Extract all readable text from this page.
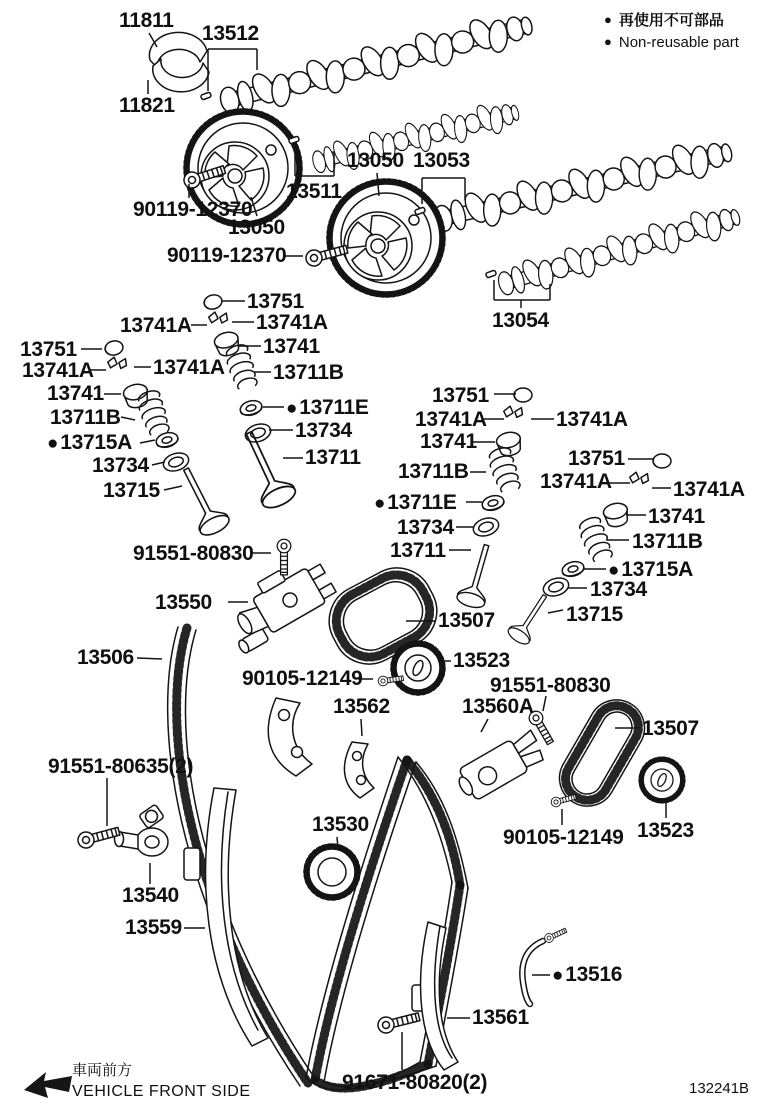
11811
13512
11821
90119-12370
13511
13050 13053
13050
90119-12370
13054
13751
13741A	13741A
13751	13741
13741A	13741A
13741
13711B
●13715A
13734
13715
13711B
●13711E
13734
13711
91551-80830
13751
13741A	13741A
13741
13711B
●13711E
13734
13711
13751
13741A	13741A
13741
13711B
●13715A
13734
13715
13550
13507
13506
90105-12149
13523
13562
91551-80830
13560A
13507
13523
90105-12149
13530
91551-80635(2)
13540
13559
13561
●13516
91671-80820(2)
● 再使用不可部品
● Non-reusable part
車両前方
VEHICLE FRONT SIDE	132241B
